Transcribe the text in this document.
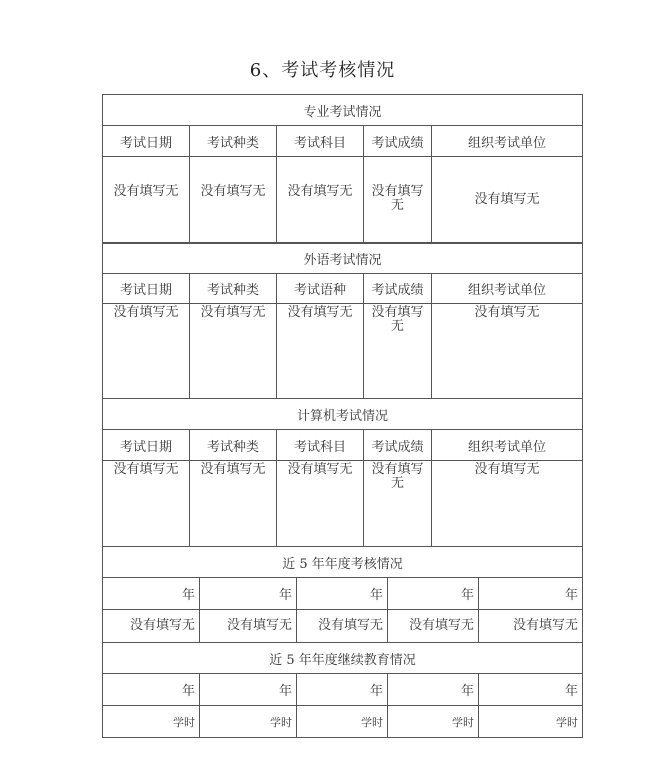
6、考试考核情况
专业考试情况				
考试日期	考试种类	考试科目	考试成绩	组织考试单位
没有填写无	没有填写无	没有填写无	没有填写无	没有填写无
外语考试情况				
考试日期	考试种类	考试语种	考试成绩	组织考试单位
没有填写无	没有填写无	没有填写无	没有填写无	没有填写无
计算机考试情况				
考试日期	考试种类	考试科目	考试成绩	组织考试单位
没有填写无	没有填写无	没有填写无	没有填写无	没有填写无
近 5 年年度考核情况				
年	年	年	年	年
没有填写无	没有填写无	没有填写无	没有填写无	没有填写无
近 5 年年度继续教育情况				
年	年	年	年	年
学时	学时	学时	学时	学时
